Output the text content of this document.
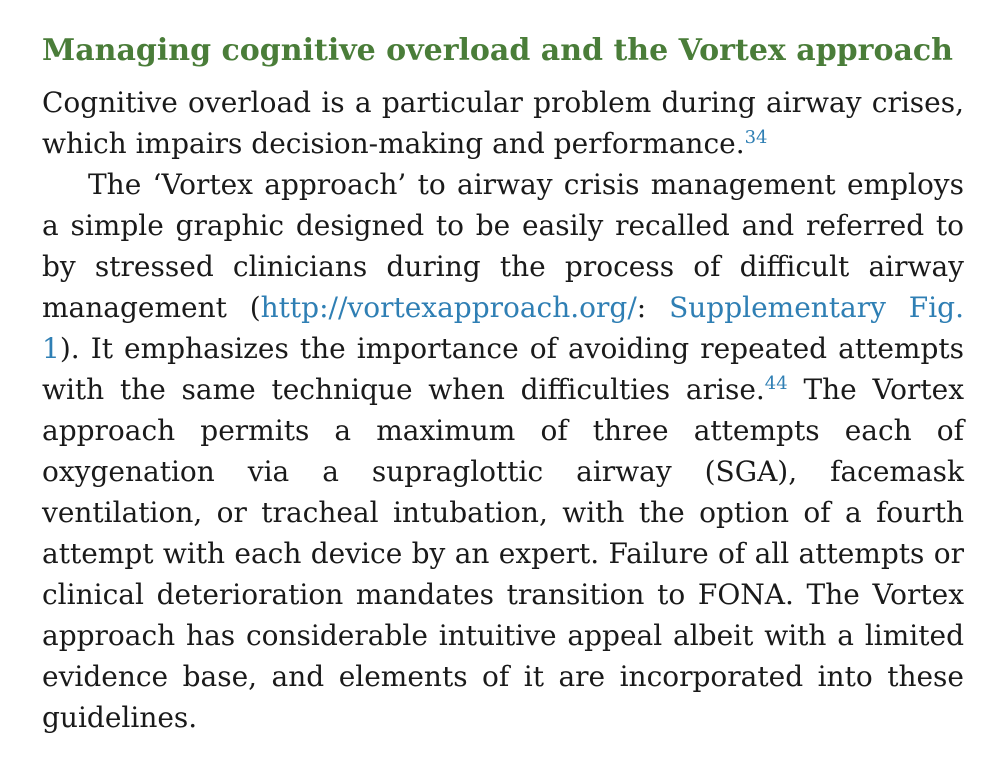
Managing cognitive overload and the Vortex approach

Cognitive overload is a particular problem during airway crises, which impairs decision-making and performance.$^{34}$

The ‘Vortex approach’ to airway crisis management employs a simple graphic designed to be easily recalled and referred to by stressed clinicians during the process of difficult airway management (http://vortexapproach.org/: Supplementary Fig. 1). It emphasizes the importance of avoiding repeated attempts with the same technique when difficulties arise.$^{44}$ The Vortex approach permits a maximum of three attempts each of oxygenation via a supraglottic airway (SGA), facemask ventilation, or tracheal intubation, with the option of a fourth attempt with each device by an expert. Failure of all attempts or clinical deterioration mandates transition to FONA. The Vortex approach has considerable intuitive appeal albeit with a limited evidence base, and elements of it are incorporated into these guidelines.
